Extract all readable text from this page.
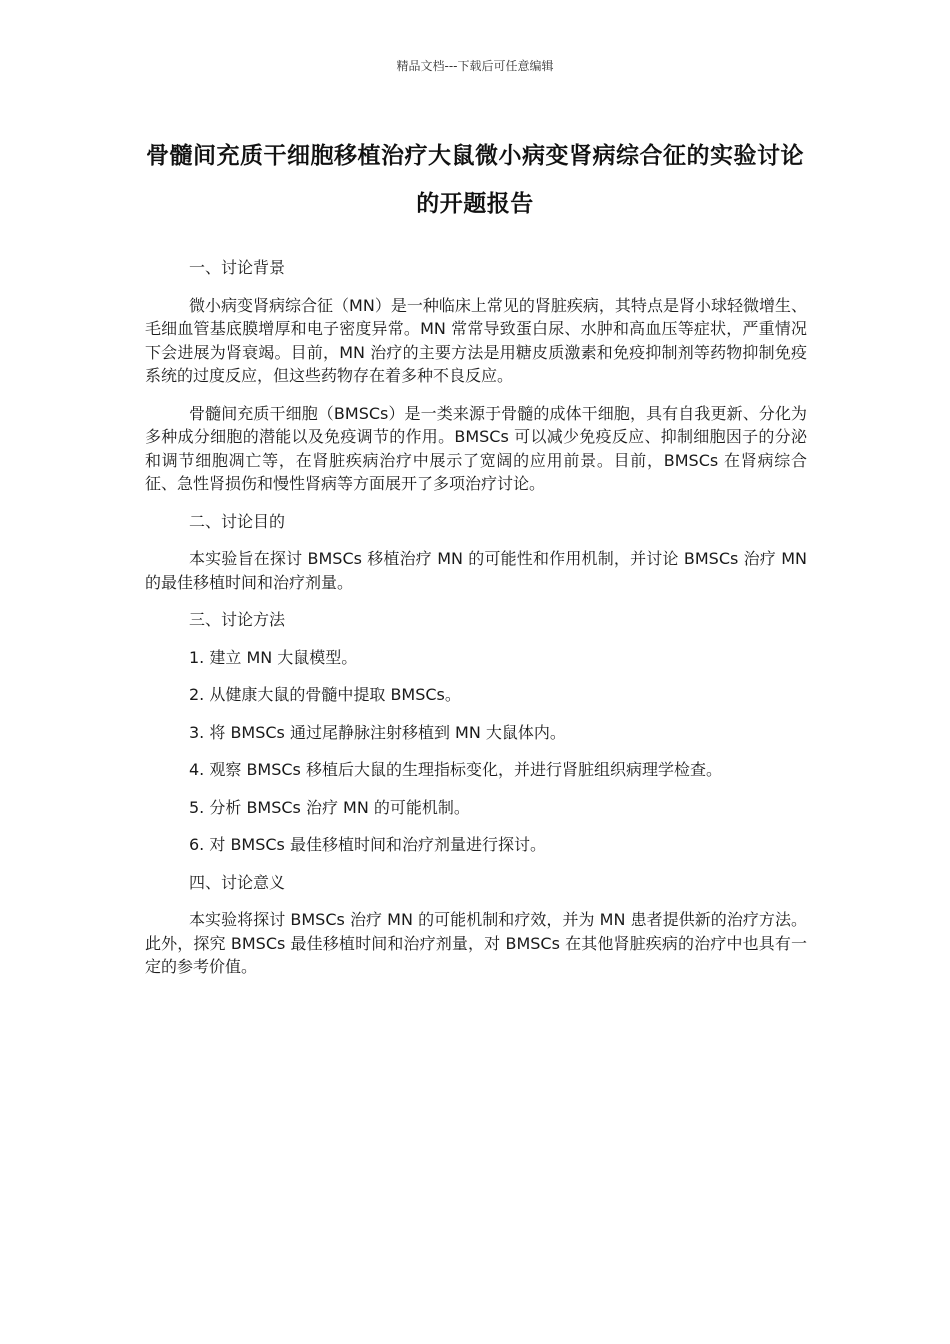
精品文档---下载后可任意编辑
骨髓间充质干细胞移植治疗大鼠微小病变肾病综合征的实验讨论的开题报告
一、讨论背景
微小病变肾病综合征（MN）是一种临床上常见的肾脏疾病，其特点是肾小球轻微增生、毛细血管基底膜增厚和电子密度异常。MN 常常导致蛋白尿、水肿和高血压等症状，严重情况下会进展为肾衰竭。目前，MN 治疗的主要方法是用糖皮质激素和免疫抑制剂等药物抑制免疫系统的过度反应，但这些药物存在着多种不良反应。
骨髓间充质干细胞（BMSCs）是一类来源于骨髓的成体干细胞，具有自我更新、分化为多种成分细胞的潜能以及免疫调节的作用。BMSCs 可以减少免疫反应、抑制细胞因子的分泌和调节细胞凋亡等，在肾脏疾病治疗中展示了宽阔的应用前景。目前，BMSCs 在肾病综合征、急性肾损伤和慢性肾病等方面展开了多项治疗讨论。
二、讨论目的
本实验旨在探讨 BMSCs 移植治疗 MN 的可能性和作用机制，并讨论 BMSCs 治疗 MN 的最佳移植时间和治疗剂量。
三、讨论方法
1. 建立 MN 大鼠模型。
2. 从健康大鼠的骨髓中提取 BMSCs。
3. 将 BMSCs 通过尾静脉注射移植到 MN 大鼠体内。
4. 观察 BMSCs 移植后大鼠的生理指标变化，并进行肾脏组织病理学检查。
5. 分析 BMSCs 治疗 MN 的可能机制。
6. 对 BMSCs 最佳移植时间和治疗剂量进行探讨。
四、讨论意义
本实验将探讨 BMSCs 治疗 MN 的可能机制和疗效，并为 MN 患者提供新的治疗方法。此外，探究 BMSCs 最佳移植时间和治疗剂量，对 BMSCs 在其他肾脏疾病的治疗中也具有一定的参考价值。
